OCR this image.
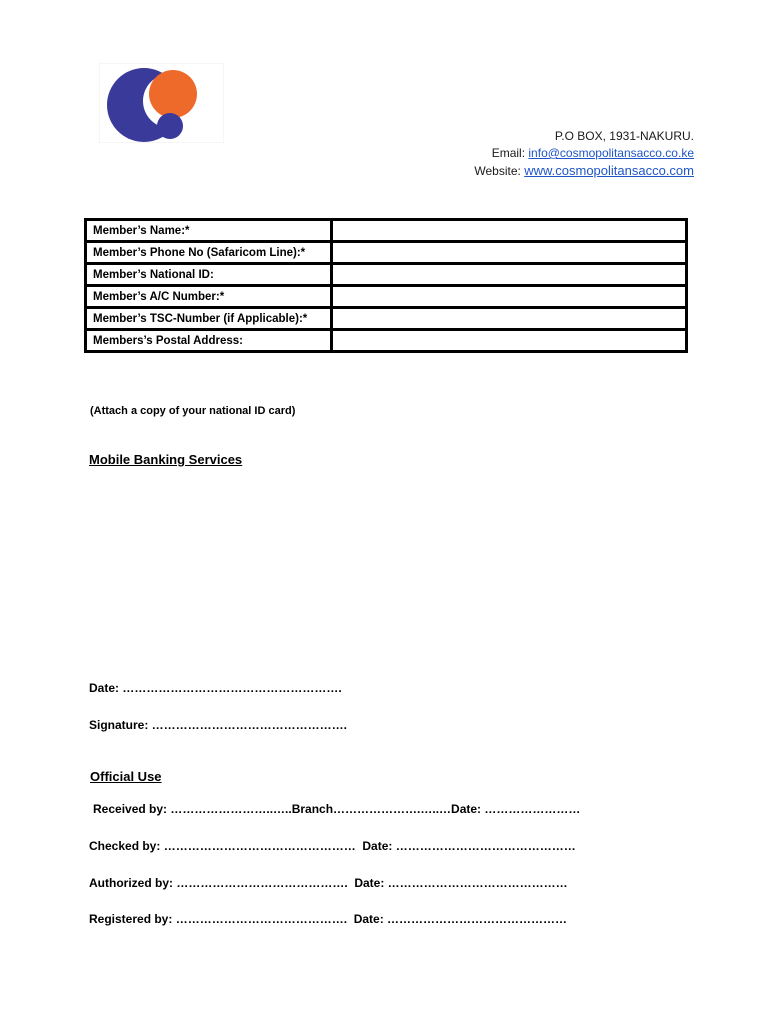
P.O BOX, 1931-NAKURU.
Email: info@cosmopolitansacco.co.ke
Website: www.cosmopolitansacco.com
Member’s Name:*	
Member’s Phone No (Safaricom Line):*	
Member’s National ID:	
Member’s A/C Number:*	
Member’s TSC-Number (if Applicable):*	
Members’s Postal Address:	
(Attach a copy of your national ID card)
Mobile Banking Services
Date: ……………………………………………….
Signature: ………………………………………….
Official Use
Received by: ……………………..…..Branch………………….…..…Date: ……………………
Checked by: …………………………………………  Date: ………………………………………
Authorized by: …………………………………….  Date: ………………………………………
Registered by: …………………………………….  Date: ………………………………………
